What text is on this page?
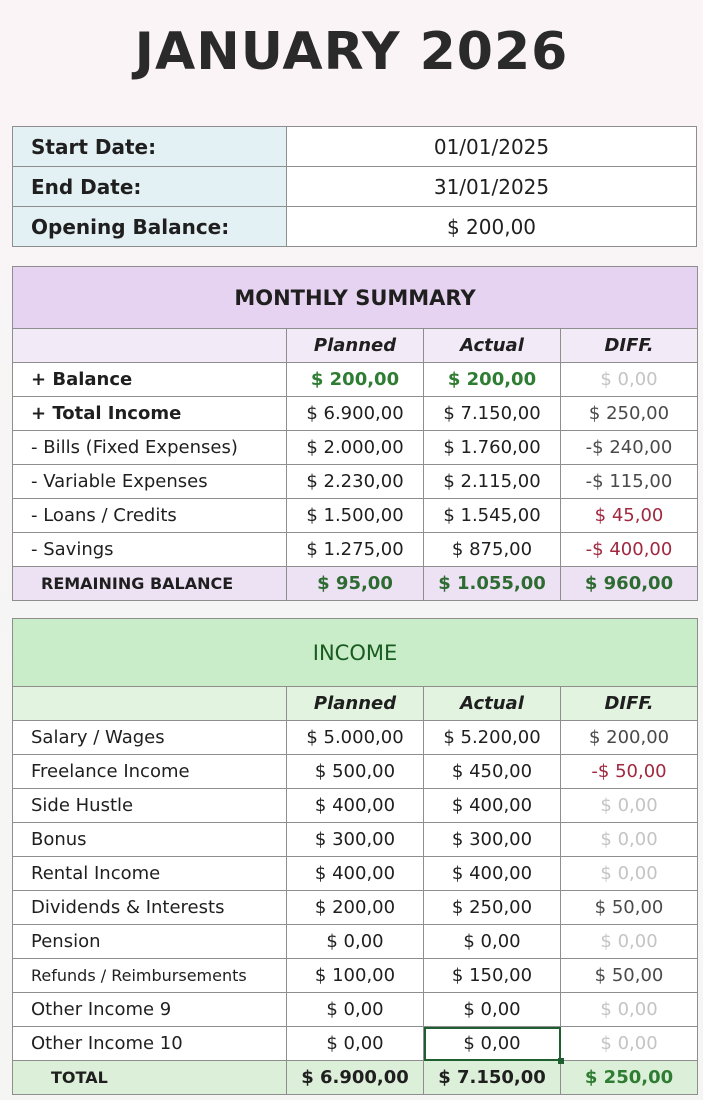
JANUARY 2026
Start Date:	01/01/2025
End Date:	31/01/2025
Opening Balance:	$ 200,00
MONTHLY SUMMARY			
	Planned	Actual	DIFF.
+ Balance	$ 200,00	$ 200,00	$ 0,00
+ Total Income	$ 6.900,00	$ 7.150,00	$ 250,00
- Bills (Fixed Expenses)	$ 2.000,00	$ 1.760,00	-$ 240,00
- Variable Expenses	$ 2.230,00	$ 2.115,00	-$ 115,00
- Loans / Credits	$ 1.500,00	$ 1.545,00	$ 45,00
- Savings	$ 1.275,00	$ 875,00	-$ 400,00
REMAINING BALANCE	$ 95,00	$ 1.055,00	$ 960,00
INCOME			
	Planned	Actual	DIFF.
Salary / Wages	$ 5.000,00	$ 5.200,00	$ 200,00
Freelance Income	$ 500,00	$ 450,00	-$ 50,00
Side Hustle	$ 400,00	$ 400,00	$ 0,00
Bonus	$ 300,00	$ 300,00	$ 0,00
Rental Income	$ 400,00	$ 400,00	$ 0,00
Dividends & Interests	$ 200,00	$ 250,00	$ 50,00
Pension	$ 0,00	$ 0,00	$ 0,00
Refunds / Reimbursements	$ 100,00	$ 150,00	$ 50,00
Other Income 9	$ 0,00	$ 0,00	$ 0,00
Other Income 10	$ 0,00	$ 0,00	$ 0,00
TOTAL	$ 6.900,00	$ 7.150,00	$ 250,00
